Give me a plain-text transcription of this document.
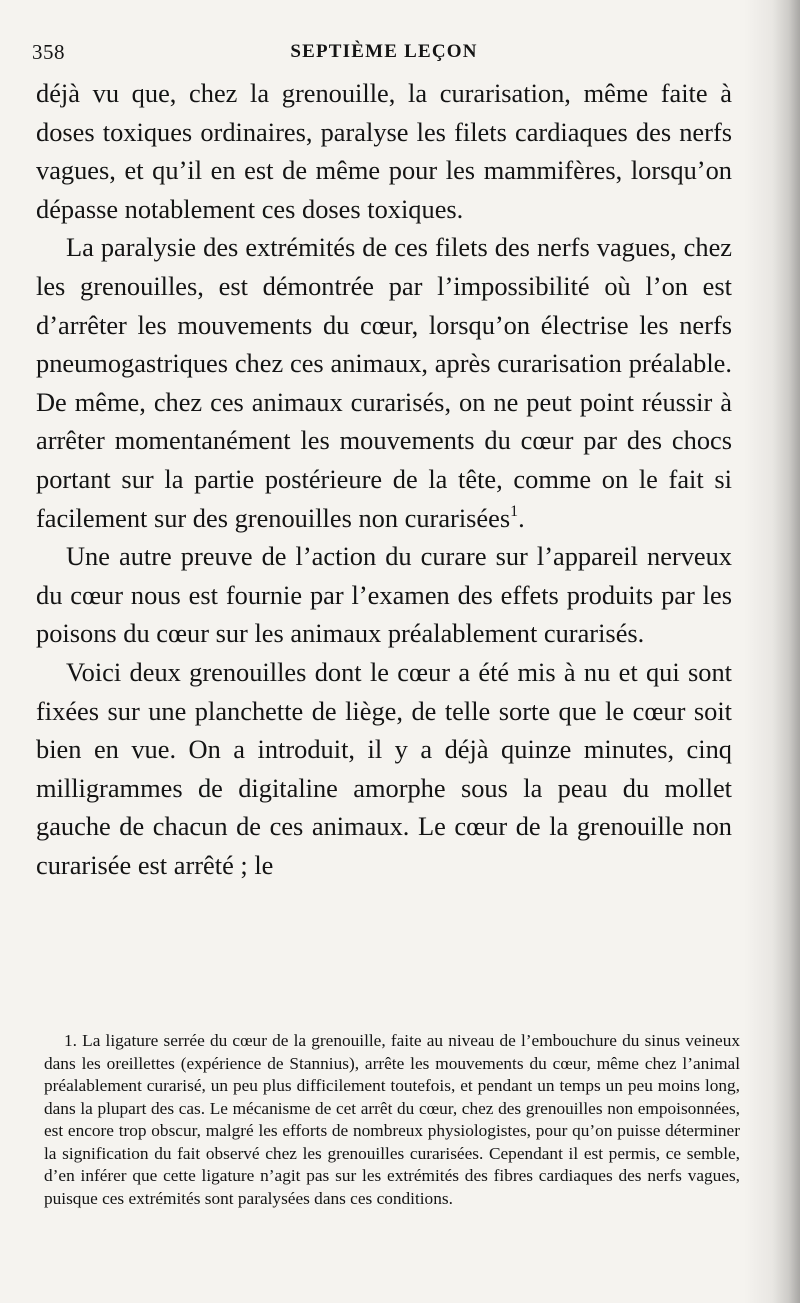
358	SEPTIÈME LEÇON

déjà vu que, chez la grenouille, la curarisation, même faite à doses toxiques ordinaires, paralyse les filets cardiaques des nerfs vagues, et qu’il en est de même pour les mammifères, lorsqu’on dépasse notablement ces doses toxiques.

La paralysie des extrémités de ces filets des nerfs vagues, chez les grenouilles, est démontrée par l’impossibilité où l’on est d’arrêter les mouvements du cœur, lorsqu’on électrise les nerfs pneumogastriques chez ces animaux, après curarisation préalable. De même, chez ces animaux curarisés, on ne peut point réussir à arrêter momentanément les mouvements du cœur par des chocs portant sur la partie postérieure de la tête, comme on le fait si facilement sur des grenouilles non curarisées$^1$.

Une autre preuve de l’action du curare sur l’appareil nerveux du cœur nous est fournie par l’examen des effets produits par les poisons du cœur sur les animaux préalablement curarisés.

Voici deux grenouilles dont le cœur a été mis à nu et qui sont fixées sur une planchette de liège, de telle sorte que le cœur soit bien en vue. On a introduit, il y a déjà quinze minutes, cinq milligrammes de digitaline amorphe sous la peau du mollet gauche de chacun de ces animaux. Le cœur de la grenouille non curarisée est arrêté ; le

1. La ligature serrée du cœur de la grenouille, faite au niveau de l’embouchure du sinus veineux dans les oreillettes (expérience de Stannius), arrête les mouvements du cœur, même chez l’animal préalablement curarisé, un peu plus difficilement toutefois, et pendant un temps un peu moins long, dans la plupart des cas. Le mécanisme de cet arrêt du cœur, chez des grenouilles non empoisonnées, est encore trop obscur, malgré les efforts de nombreux physiologistes, pour qu’on puisse déterminer la signification du fait observé chez les grenouilles curarisées. Cependant il est permis, ce semble, d’en inférer que cette ligature n’agit pas sur les extrémités des fibres cardiaques des nerfs vagues, puisque ces extrémités sont paralysées dans ces conditions.
